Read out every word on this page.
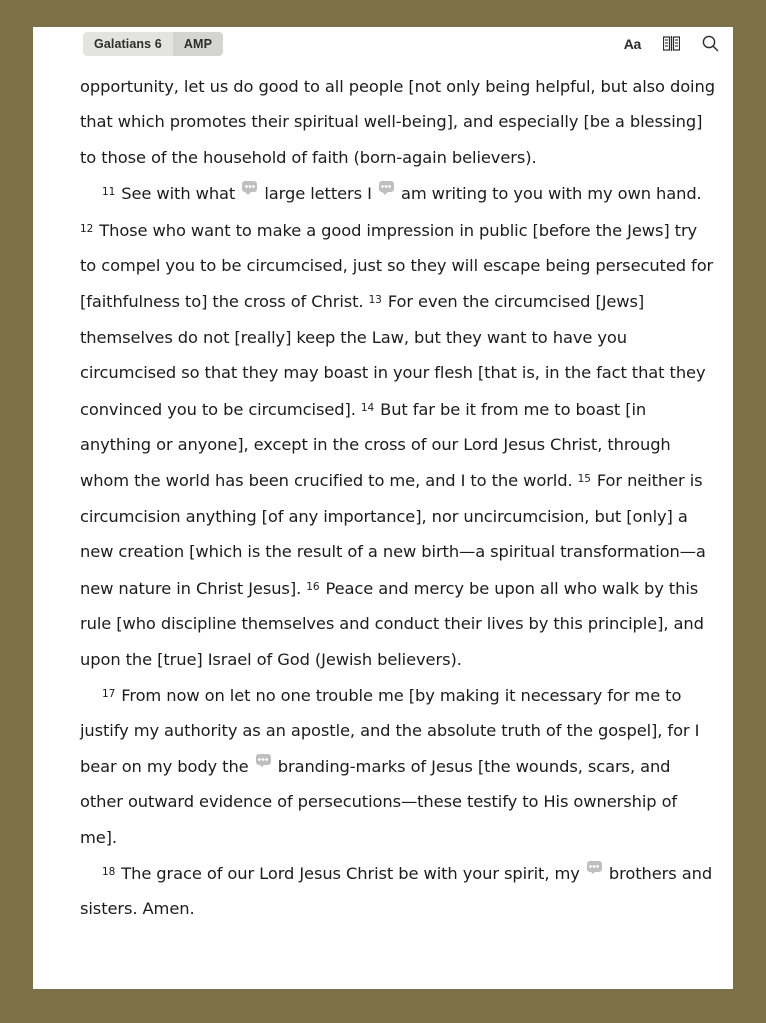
Galatians 6	AMP	Aa
opportunity, let us do good to all people [not only being helpful, but also doing that which promotes their spiritual well-being], and especially [be a blessing] to those of the household of faith (born-again believers).
$^{11}$ See with what  large letters I  am writing to you with my own hand. $^{12}$ Those who want to make a good impression in public [before the Jews] try to compel you to be circumcised, just so they will escape being persecuted for [faithfulness to] the cross of Christ. $^{13}$ For even the circumcised [Jews] themselves do not [really] keep the Law, but they want to have you circumcised so that they may boast in your flesh [that is, in the fact that they convinced you to be circumcised]. $^{14}$ But far be it from me to boast [in anything or anyone], except in the cross of our Lord Jesus Christ, through whom the world has been crucified to me, and I to the world. $^{15}$ For neither is circumcision anything [of any importance], nor uncircumcision, but [only] a new creation [which is the result of a new birth—a spiritual transformation—a new nature in Christ Jesus]. $^{16}$ Peace and mercy be upon all who walk by this rule [who discipline themselves and conduct their lives by this principle], and upon the [true] Israel of God (Jewish believers).
$^{17}$ From now on let no one trouble me [by making it necessary for me to justify my authority as an apostle, and the absolute truth of the gospel], for I bear on my body the  branding-marks of Jesus [the wounds, scars, and other outward evidence of persecutions—these testify to His ownership of me].
$^{18}$ The grace of our Lord Jesus Christ be with your spirit, my  brothers and sisters. Amen.
